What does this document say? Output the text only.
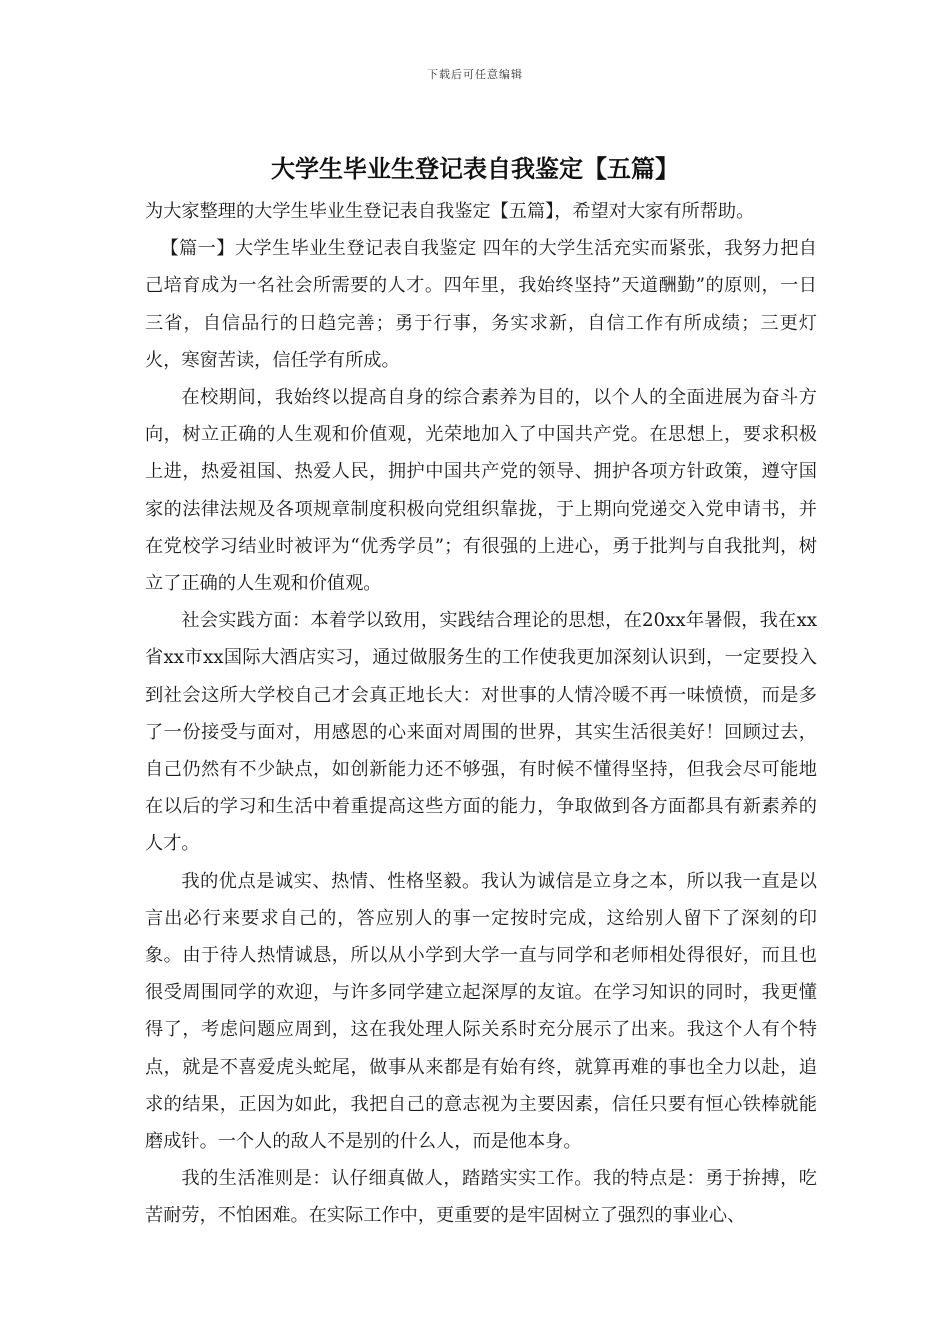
下载后可任意编辑
大学生毕业生登记表自我鉴定【五篇】

为大家整理的大学生毕业生登记表自我鉴定【五篇】，希望对大家有所帮助。

【篇一】大学生毕业生登记表自我鉴定 四年的大学生活充实而紧张，我努力把自己培育成为一名社会所需要的人才。四年里，我始终坚持”天道酬勤”的原则，一日三省，自信品行的日趋完善；勇于行事，务实求新，自信工作有所成绩；三更灯火，寒窗苦读，信任学有所成。

在校期间，我始终以提高自身的综合素养为目的，以个人的全面进展为奋斗方向，树立正确的人生观和价值观，光荣地加入了中国共产党。在思想上，要求积极上进，热爱祖国、热爱人民，拥护中国共产党的领导、拥护各项方针政策，遵守国家的法律法规及各项规章制度积极向党组织靠拢，于上期向党递交入党申请书，并在党校学习结业时被评为“优秀学员”；有很强的上进心，勇于批判与自我批判，树立了正确的人生观和价值观。

社会实践方面：本着学以致用，实践结合理论的思想，在20xx年暑假，我在xx省xx市xx国际大酒店实习，通过做服务生的工作使我更加深刻认识到，一定要投入到社会这所大学校自己才会真正地长大：对世事的人情冷暖不再一味愤愤，而是多了一份接受与面对，用感恩的心来面对周围的世界，其实生活很美好！回顾过去，自己仍然有不少缺点，如创新能力还不够强，有时候不懂得坚持，但我会尽可能地在以后的学习和生活中着重提高这些方面的能力，争取做到各方面都具有新素养的人才。

我的优点是诚实、热情、性格坚毅。我认为诚信是立身之本，所以我一直是以言出必行来要求自己的，答应别人的事一定按时完成，这给别人留下了深刻的印象。由于待人热情诚恳，所以从小学到大学一直与同学和老师相处得很好，而且也很受周围同学的欢迎，与许多同学建立起深厚的友谊。在学习知识的同时，我更懂得了，考虑问题应周到，这在我处理人际关系时充分展示了出来。我这个人有个特点，就是不喜爱虎头蛇尾，做事从来都是有始有终，就算再难的事也全力以赴，追求的结果，正因为如此，我把自己的意志视为主要因素，信任只要有恒心铁棒就能磨成针。一个人的敌人不是别的什么人，而是他本身。

我的生活准则是：认仔细真做人，踏踏实实工作。我的特点是：勇于拚搏，吃苦耐劳，不怕困难。在实际工作中，更重要的是牢固树立了强烈的事业心、
